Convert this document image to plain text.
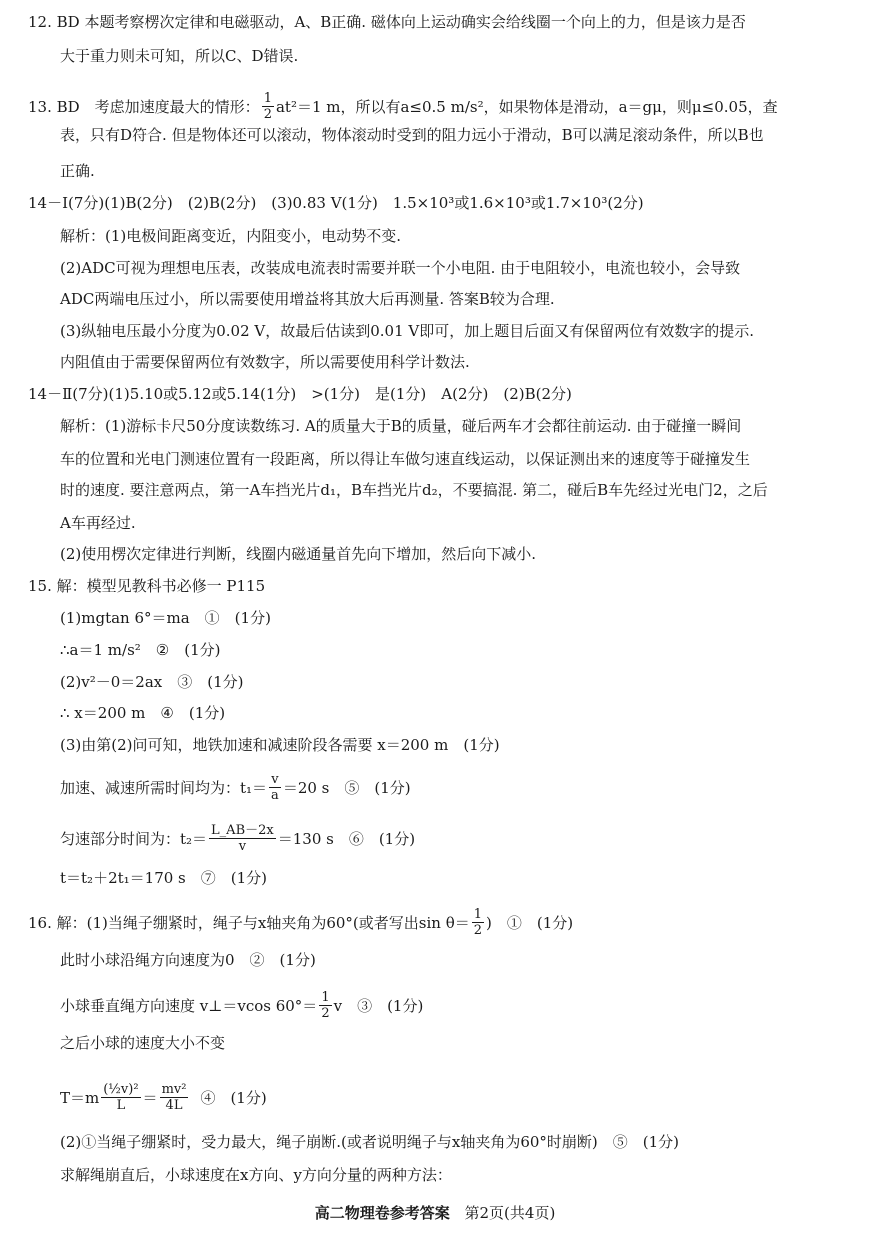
13. BD　考虑加速度最大的情形： $\frac{1}{2} at^2=1$ m，所以有a≤0.5 m/s²，如果物体是滑动，a＝gμ，则μ≤0.05，查
加速、减速所需时间均为：$t_1= \frac{v}{a} =20$ s　⑤　(1分)
匀速部分时间为：$t_2= \frac{L\_AB-2x}{v} =130$ s　⑥　(1分)
16. 解：(1)当绳子绷紧时，绳子与x轴夹角为60°(或者写出$\sin \theta= \frac{1}{2}$ )　①　(1分)
小球垂直绳方向速度 v⊥＝vcos $60^\circ= \frac{1}{2}$ v　③　(1分)
$T=m \frac{\text{(½v)²}}{L} = \frac{\text{mv²}}{4L}$ ④　(1分)
高二物理卷参考答案 第2页(共4页)
12. BD 本题考察楞次定律和电磁驱动，A、B正确. 磁体向上运动确实会给线圈一个向上的力，但是该力是否
大于重力则未可知，所以C、D错误.
表，只有D符合. 但是物体还可以滚动，物体滚动时受到的阻力远小于滑动，B可以满足滚动条件，所以B也
正确.
14－Ⅰ(7分)(1)B(2分)　(2)B(2分)　(3)0.83 V(1分)　1.5×10³或1.6×10³或1.7×10³(2分)
解析：(1)电极间距离变近，内阻变小，电动势不变.
(2)ADC可视为理想电压表，改装成电流表时需要并联一个小电阻. 由于电阻较小，电流也较小，会导致
ADC两端电压过小，所以需要使用增益将其放大后再测量. 答案B较为合理.
(3)纵轴电压最小分度为0.02 V，故最后估读到0.01 V即可，加上题目后面又有保留两位有效数字的提示.
内阻值由于需要保留两位有效数字，所以需要使用科学计数法.
14－Ⅱ(7分)(1)5.10或5.12或5.14(1分)　>(1分)　是(1分)　A(2分)　(2)B(2分)
解析：(1)游标卡尺50分度读数练习. A的质量大于B的质量，碰后两车才会都往前运动. 由于碰撞一瞬间
车的位置和光电门测速位置有一段距离，所以得让车做匀速直线运动，以保证测出来的速度等于碰撞发生
时的速度. 要注意两点，第一A车挡光片d₁，B车挡光片d₂，不要搞混. 第二，碰后B车先经过光电门2，之后
A车再经过.
(2)使用楞次定律进行判断，线圈内磁通量首先向下增加，然后向下减小.
15. 解：模型见教科书必修一 P115
(1)mgtan 6°＝ma　①　(1分)
∴a＝1 m/s²　②　(1分)
(2)v²－0＝2ax　③　(1分)
∴ x＝200 m　④　(1分)
(3)由第(2)问可知，地铁加速和减速阶段各需要 x＝200 m　(1分)
t＝t₂＋2t₁＝170 s　⑦　(1分)
此时小球沿绳方向速度为0　②　(1分)
之后小球的速度大小不变
(2)①当绳子绷紧时，受力最大，绳子崩断.(或者说明绳子与x轴夹角为60°时崩断)　⑤　(1分)
求解绳崩直后，小球速度在x方向、y方向分量的两种方法：
